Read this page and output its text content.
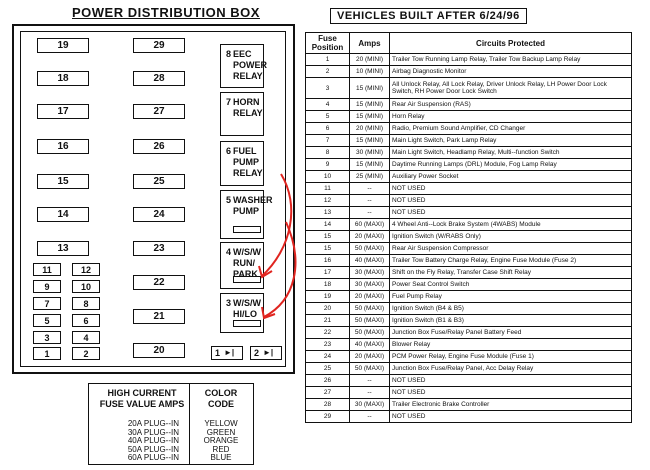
POWER DISTRIBUTION BOX
19
18
17
16
15
14
13
29
28
27
26
25
24
23
22
21
20
11	12
9	10
7	8
5	6
3	4
1	2
8 EEC
POWER
RELAY
7 HORN
RELAY
6 FUEL
PUMP
RELAY
5 WASHER
PUMP
4 W/S/W
RUN/
PARK
3 W/S/W
HI/LO
1 ►| 2 ►|
HIGH CURRENT
FUSE VALUE AMPS
COLOR
CODE
20A PLUG--IN	YELLOW
30A PLUG--IN	GREEN
40A PLUG--IN	ORANGE
50A PLUG--IN	RED
60A PLUG--IN	BLUE
VEHICLES BUILT AFTER 6/24/96
Fuse Position	Amps	Circuits Protected
1	20 (MINI)	Trailer Tow Running Lamp Relay, Trailer Tow Backup Lamp Relay
2	10 (MINI)	Airbag Diagnostic Monitor
3	15 (MINI)	All Unlock Relay, All Lock Relay, Driver Unlock Relay, LH Power Door Lock Switch, RH Power Door Lock Switch
4	15 (MINI)	Rear Air Suspension (RAS)
5	15 (MINI)	Horn Relay
6	20 (MINI)	Radio, Premium Sound Amplifier, CD Changer
7	15 (MINI)	Main Light Switch, Park Lamp Relay
8	30 (MINI)	Main Light Switch, Headlamp Relay, Multi--function Switch
9	15 (MINI)	Daytime Running Lamps (DRL) Module, Fog Lamp Relay
10	25 (MINI)	Auxiliary Power Socket
11	--	NOT USED
12	--	NOT USED
13	--	NOT USED
14	60 (MAXI)	4 Wheel Anti--Lock Brake System (4WABS) Module
15	20 (MAXI)	Ignition Switch (W/RABS Only)
15	50 (MAXI)	Rear Air Suspension Compressor
16	40 (MAXI)	Trailer Tow Battery Charge Relay, Engine Fuse Module (Fuse 2)
17	30 (MAXI)	Shift on the Fly Relay, Transfer Case Shift Relay
18	30 (MAXI)	Power Seat Control Switch
19	20 (MAXI)	Fuel Pump Relay
20	50 (MAXI)	Ignition Switch (B4 & B5)
21	50 (MAXI)	Ignition Switch (B1 & B3)
22	50 (MAXI)	Junction Box Fuse/Relay Panel Battery Feed
23	40 (MAXI)	Blower Relay
24	20 (MAXI)	PCM Power Relay, Engine Fuse Module (Fuse 1)
25	50 (MAXI)	Junction Box Fuse/Relay Panel, Acc Delay Relay
26	--	NOT USED
27	--	NOT USED
28	30 (MAXI)	Trailer Electronic Brake Controller
29	--	NOT USED
